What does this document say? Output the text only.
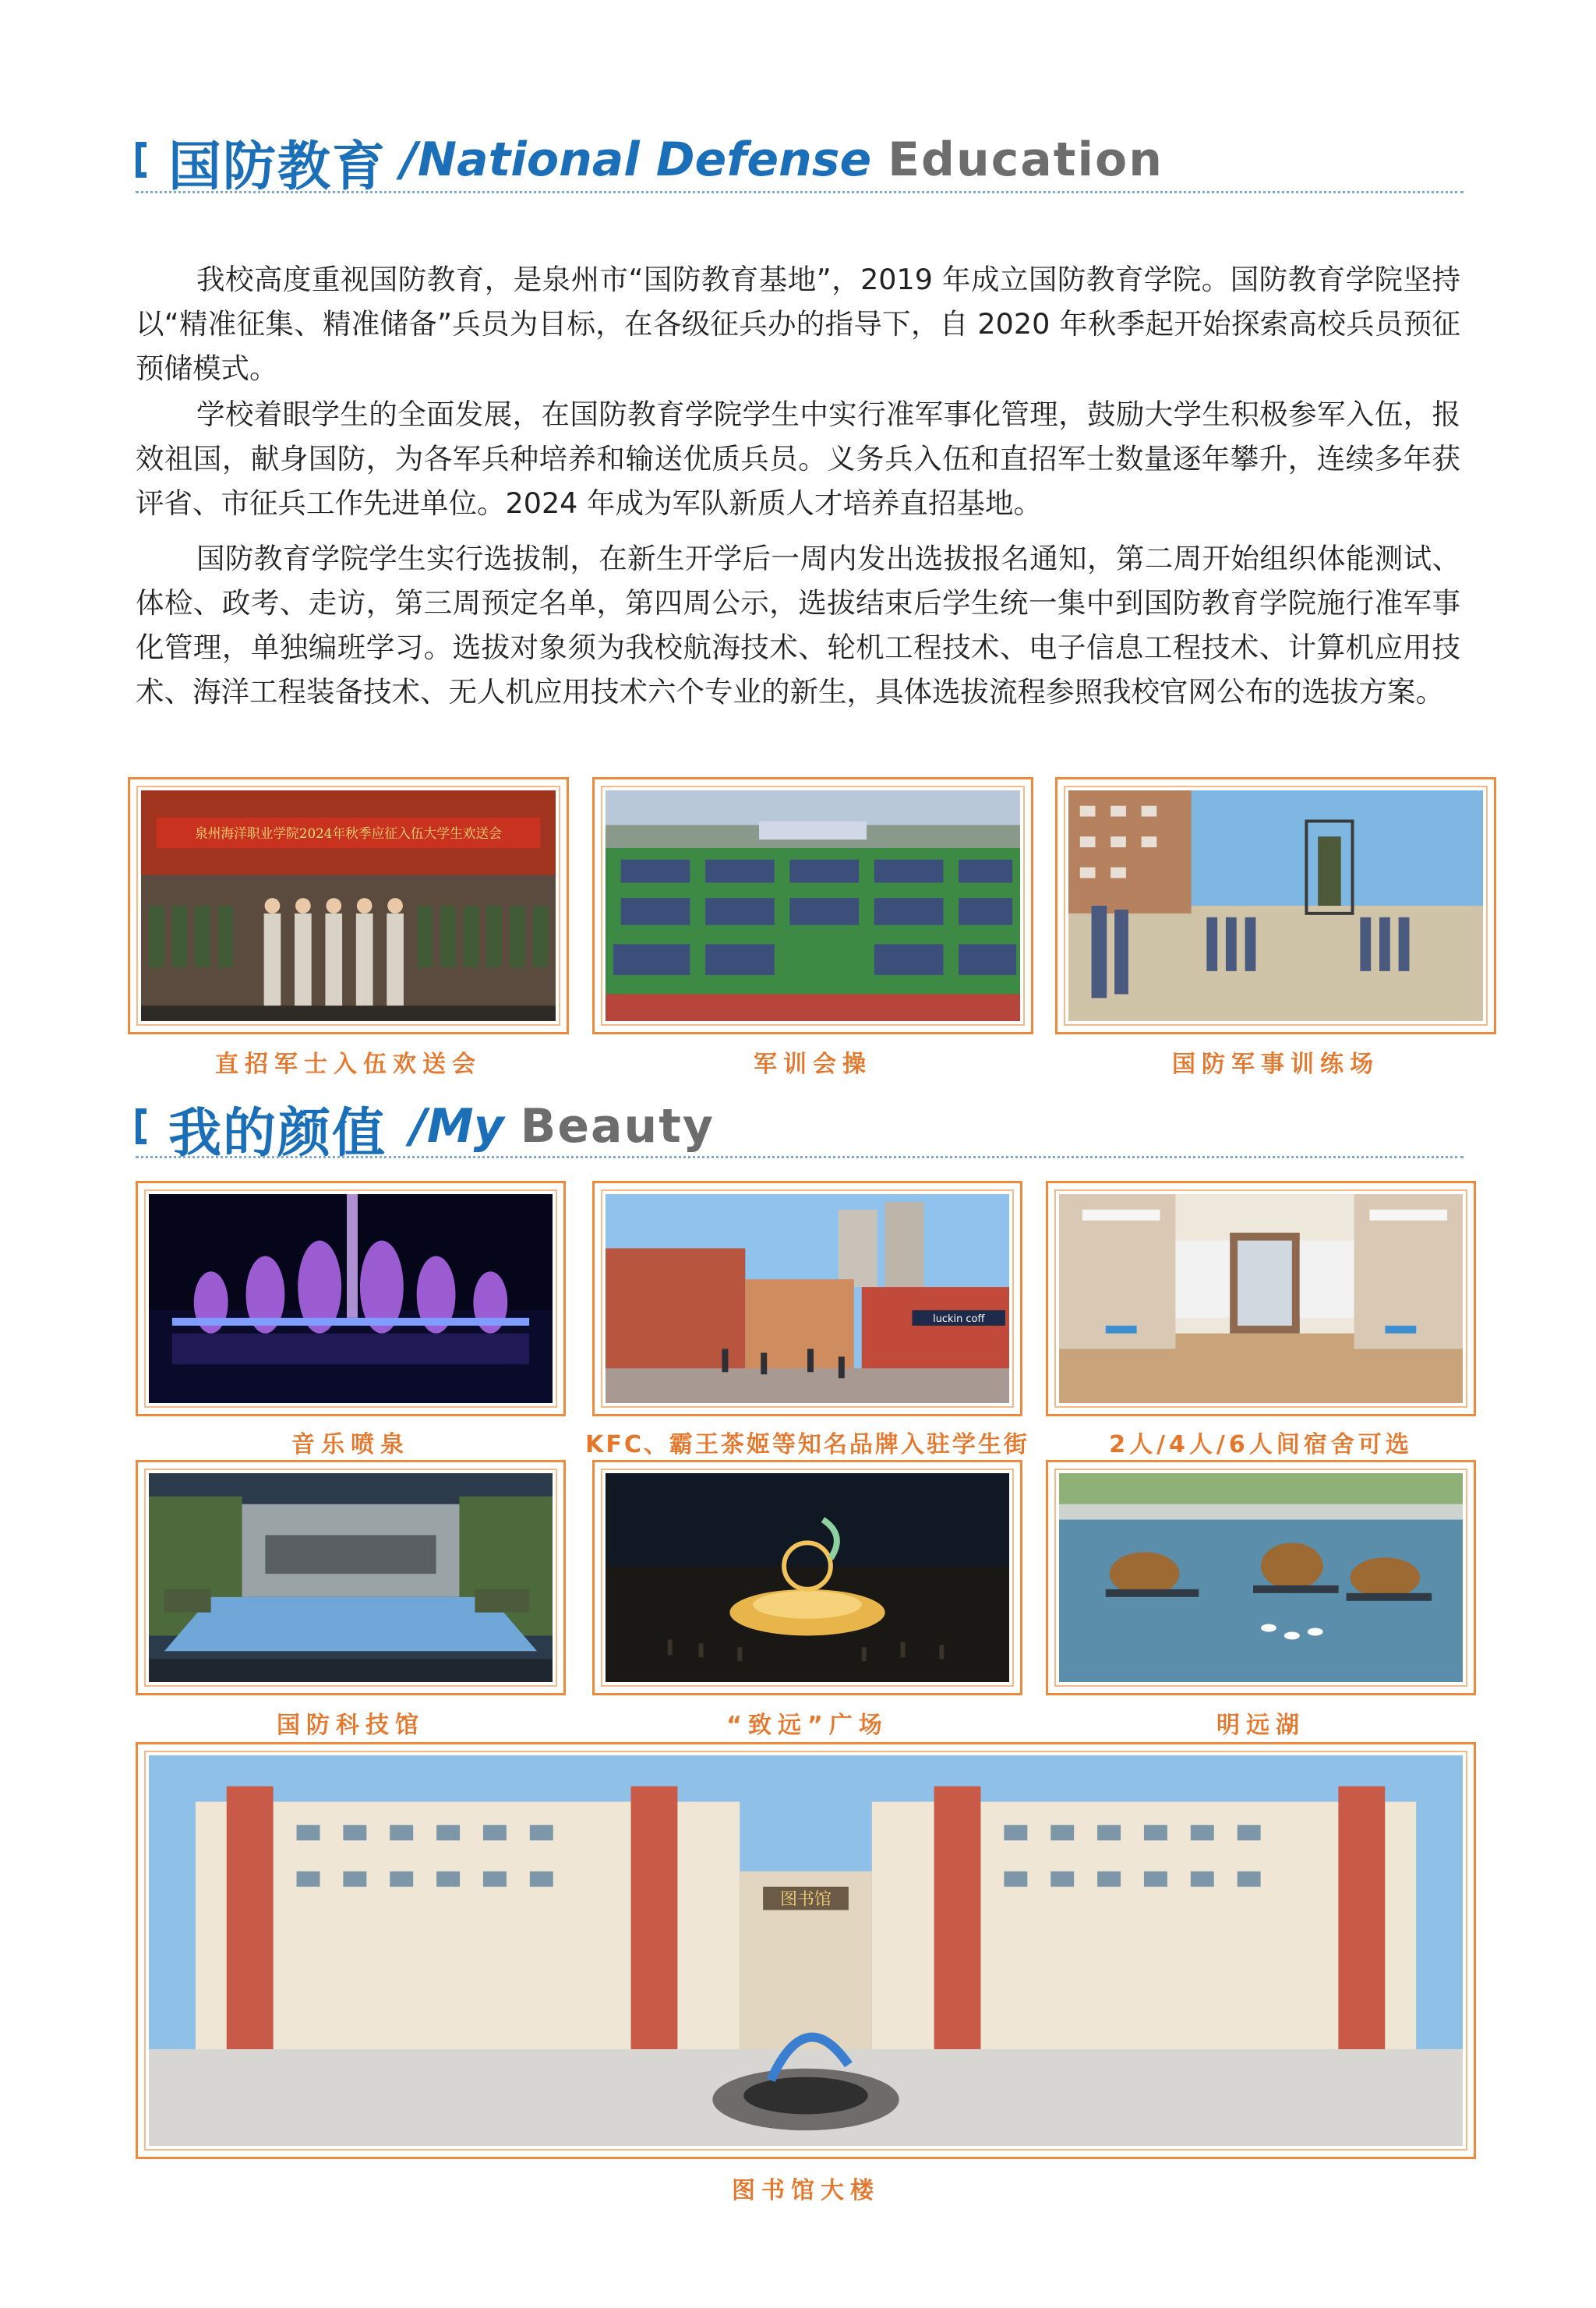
国防教育 /National Defense Education
我校高度重视国防教育，是泉州市“国防教育基地”，2019 年成立国防教育学院。国防教育学院坚持以“精准征集、精准储备”兵员为目标，在各级征兵办的指导下，自 2020 年秋季起开始探索高校兵员预征预储模式。
学校着眼学生的全面发展，在国防教育学院学生中实行准军事化管理，鼓励大学生积极参军入伍，报效祖国，献身国防，为各军兵种培养和输送优质兵员。义务兵入伍和直招军士数量逐年攀升，连续多年获评省、市征兵工作先进单位。2024 年成为军队新质人才培养直招基地。
国防教育学院学生实行选拔制，在新生开学后一周内发出选拔报名通知，第二周开始组织体能测试、体检、政考、走访，第三周预定名单，第四周公示，选拔结束后学生统一集中到国防教育学院施行准军事化管理，单独编班学习。选拔对象须为我校航海技术、轮机工程技术、电子信息工程技术、计算机应用技术、海洋工程装备技术、无人机应用技术六个专业的新生，具体选拔流程参照我校官网公布的选拔方案。
泉州海洋职业学院2024年秋季应征入伍大学生欢送会
直招军士入伍欢送会	军训会操	国防军事训练场
我的颜值 /My Beauty
音乐喷泉
luckin coff
KFC、霸王茶姬等知名品牌入驻学生街	2人/4人/6人间宿舍可选
国防科技馆	“致远”广场	明远湖
图书馆
图书馆大楼
